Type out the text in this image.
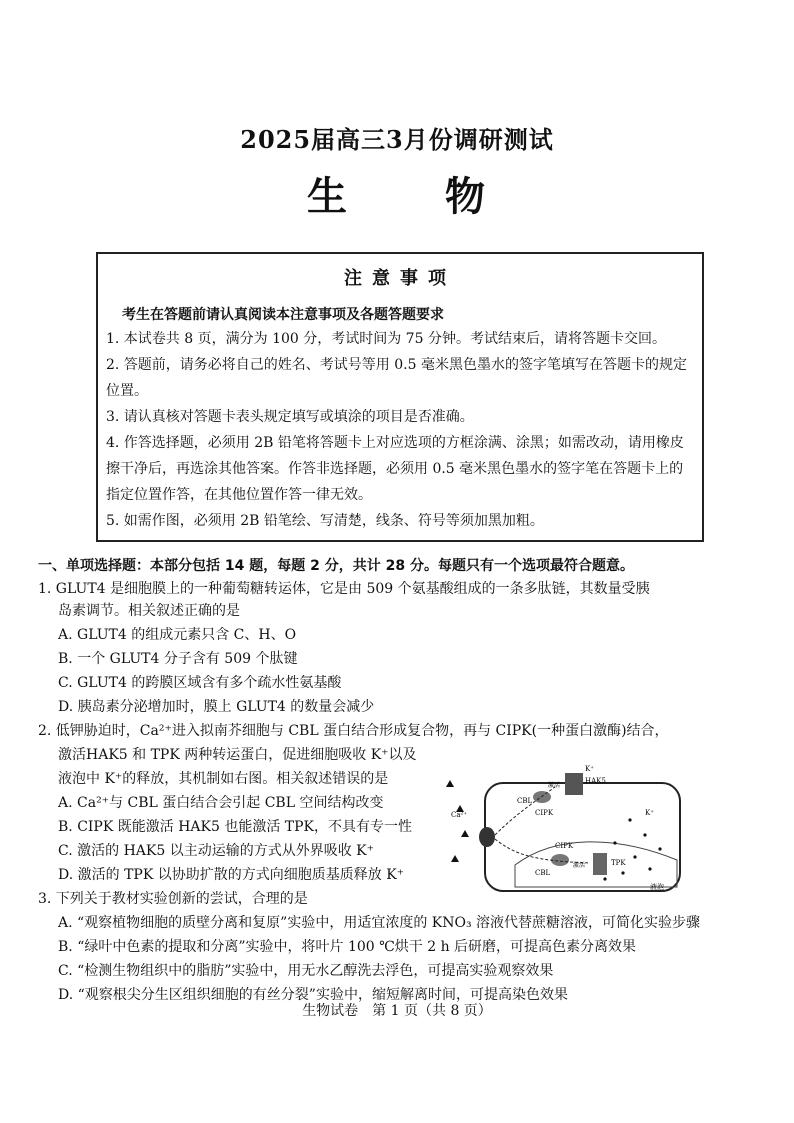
2025届高三3月份调研测试
生 物
注意事项
考生在答题前请认真阅读本注意事项及各题答题要求
1. 本试卷共 8 页，满分为 100 分，考试时间为 75 分钟。考试结束后，请将答题卡交回。
2. 答题前，请务必将自己的姓名、考试号等用 0.5 毫米黑色墨水的签字笔填写在答题卡的规定位置。
3. 请认真核对答题卡表头规定填写或填涂的项目是否准确。
4. 作答选择题，必须用 2B 铅笔将答题卡上对应选项的方框涂满、涂黑；如需改动，请用橡皮擦干净后，再选涂其他答案。作答非选择题，必须用 0.5 毫米黑色墨水的签字笔在答题卡上的指定位置作答，在其他位置作答一律无效。
5. 如需作图，必须用 2B 铅笔绘、写清楚，线条、符号等须加黑加粗。
一、单项选择题：本部分包括 14 题，每题 2 分，共计 28 分。每题只有一个选项最符合题意。
1. GLUT4 是细胞膜上的一种葡萄糖转运体，它是由 509 个氨基酸组成的一条多肽链，其数量受胰
岛素调节。相关叙述正确的是
A. GLUT4 的组成元素只含 C、H、O
B. 一个 GLUT4 分子含有 509 个肽键
C. GLUT4 的跨膜区域含有多个疏水性氨基酸
D. 胰岛素分泌增加时，膜上 GLUT4 的数量会减少
2. 低钾胁迫时，Ca²⁺进入拟南芥细胞与 CBL 蛋白结合形成复合物，再与 CIPK(一种蛋白激酶)结合，
激活HAK5 和 TPK 两种转运蛋白，促进细胞吸收 K⁺以及
液泡中 K⁺的释放，其机制如右图。相关叙述错误的是
A. Ca²⁺与 CBL 蛋白结合会引起 CBL 空间结构改变
B. CIPK 既能激活 HAK5 也能激活 TPK，不具有专一性
C. 激活的 HAK5 以主动运输的方式从外界吸收 K⁺
D. 激活的 TPK 以协助扩散的方式向细胞质基质释放 K⁺
Ca²⁺
K⁺
HAK5
激活
CBL
CIPK
CIPK
CBL
激活	TPK
K⁺
液泡
3. 下列关于教材实验创新的尝试，合理的是
A. “观察植物细胞的质壁分离和复原”实验中，用适宜浓度的 KNO₃ 溶液代替蔗糖溶液，可简化实验步骤
B. “绿叶中色素的提取和分离”实验中，将叶片 100 ℃烘干 2 h 后研磨，可提高色素分离效果
C. “检测生物组织中的脂肪”实验中，用无水乙醇洗去浮色，可提高实验观察效果
D. “观察根尖分生区组织细胞的有丝分裂”实验中，缩短解离时间，可提高染色效果
生物试卷　第 1 页（共 8 页）
